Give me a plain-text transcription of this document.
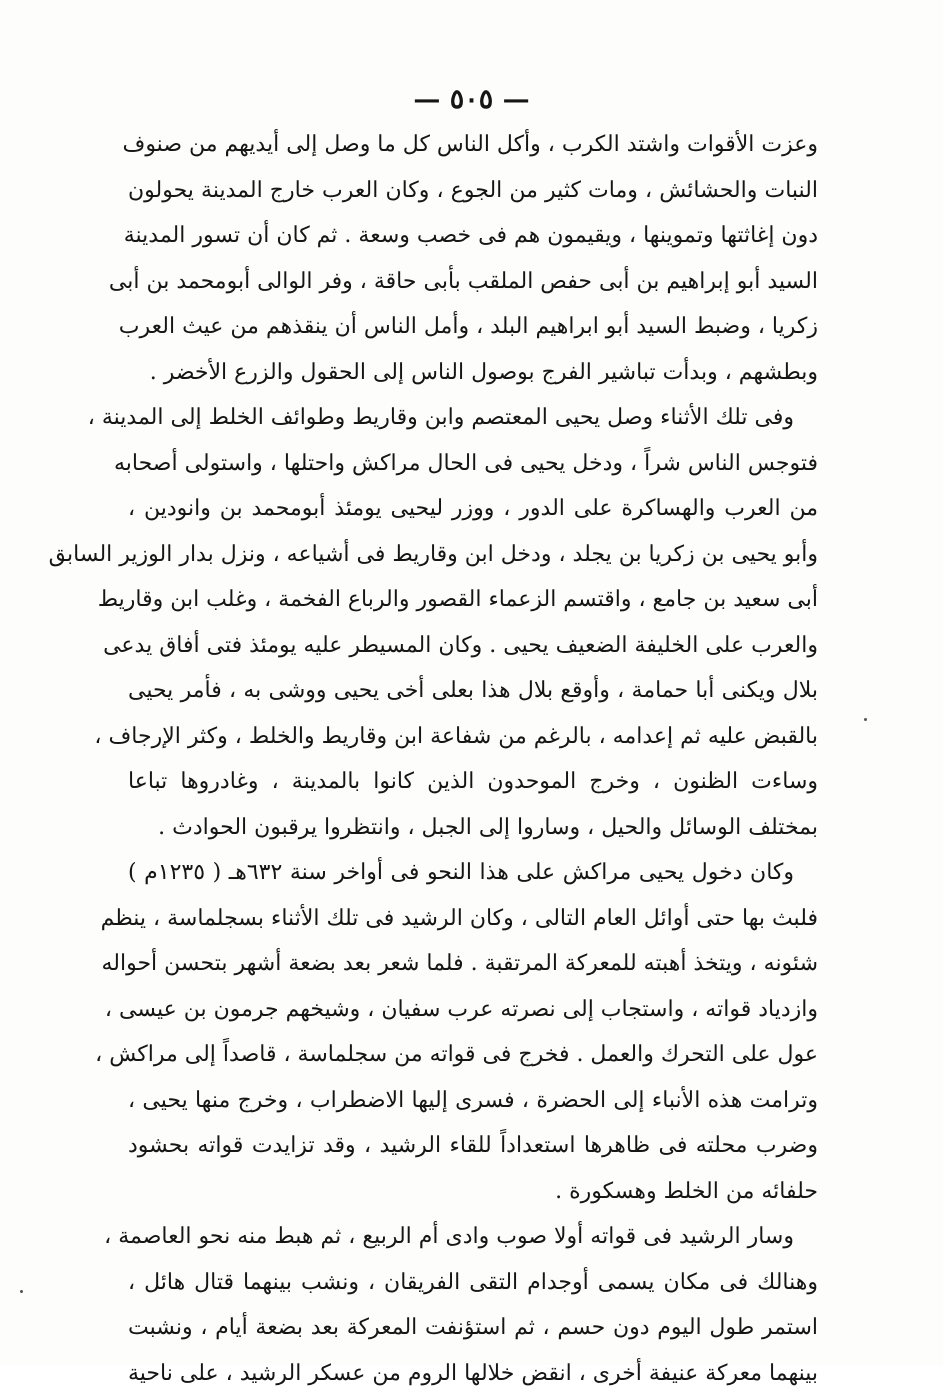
— ٥٠٥ —
وعزت الأقوات واشتد الكرب ، وأكل الناس كل ما وصل إلى أيديهم من صنوف
النبات والحشائش ، ومات كثير من الجوع ، وكان العرب خارج المدينة يحولون
دون إغاثتها وتموينها ، ويقيمون هم فى خصب وسعة . ثم كان أن تسور المدينة
السيد أبو إبراهيم بن أبى حفص الملقب بأبى حاقة ، وفر الوالى أبومحمد بن أبى
زكريا ، وضبط السيد أبو ابراهيم البلد ، وأمل الناس أن ينقذهم من عيث العرب
وبطشهم ، وبدأت تباشير الفرج بوصول الناس إلى الحقول والزرع الأخضر .
وفى تلك الأثناء وصل يحيى المعتصم وابن وقاريط وطوائف الخلط إلى المدينة ،
فتوجس الناس شراً ، ودخل يحيى فى الحال مراكش واحتلها ، واستولى أصحابه
من العرب والهساكرة على الدور ، ووزر ليحيى يومئذ أبومحمد بن وانودين ،
وأبو يحيى بن زكريا بن يجلد ، ودخل ابن وقاريط فى أشياعه ، ونزل بدار الوزير السابق
أبى سعيد بن جامع ، واقتسم الزعماء القصور والرباع الفخمة ، وغلب ابن وقاريط
والعرب على الخليفة الضعيف يحيى . وكان المسيطر عليه يومئذ فتى أفاق يدعى
بلال ويكنى أبا حمامة ، وأوقع بلال هذا بعلى أخى يحيى ووشى به ، فأمر يحيى
بالقبض عليه ثم إعدامه ، بالرغم من شفاعة ابن وقاريط والخلط ، وكثر الإرجاف ،
وساءت الظنون ، وخرج الموحدون الذين كانوا بالمدينة ، وغادروها تباعا
بمختلف الوسائل والحيل ، وساروا إلى الجبل ، وانتظروا يرقبون الحوادث .
وكان دخول يحيى مراكش على هذا النحو فى أواخر سنة ٦٣٢هـ ( ١٢٣٥م )
فلبث بها حتى أوائل العام التالى ، وكان الرشيد فى تلك الأثناء بسجلماسة ، ينظم
شئونه ، ويتخذ أهبته للمعركة المرتقبة . فلما شعر بعد بضعة أشهر بتحسن أحواله
وازدياد قواته ، واستجاب إلى نصرته عرب سفيان ، وشيخهم جرمون بن عيسى ،
عول على التحرك والعمل . فخرج فى قواته من سجلماسة ، قاصداً إلى مراكش ،
وترامت هذه الأنباء إلى الحضرة ، فسرى إليها الاضطراب ، وخرج منها يحيى ،
وضرب محلته فى ظاهرها استعداداً للقاء الرشيد ، وقد تزايدت قواته بحشود
حلفائه من الخلط وهسكورة .
وسار الرشيد فى قواته أولا صوب وادى أم الربيع ، ثم هبط منه نحو العاصمة ،
وهنالك فى مكان يسمى أوجدام التقى الفريقان ، ونشب بينهما قتال هائل ،
استمر طول اليوم دون حسم ، ثم استؤنفت المعركة بعد بضعة أيام ، ونشبت
بينهما معركة عنيفة أخرى ، انقض خلالها الروم من عسكر الرشيد ، على ناحية
